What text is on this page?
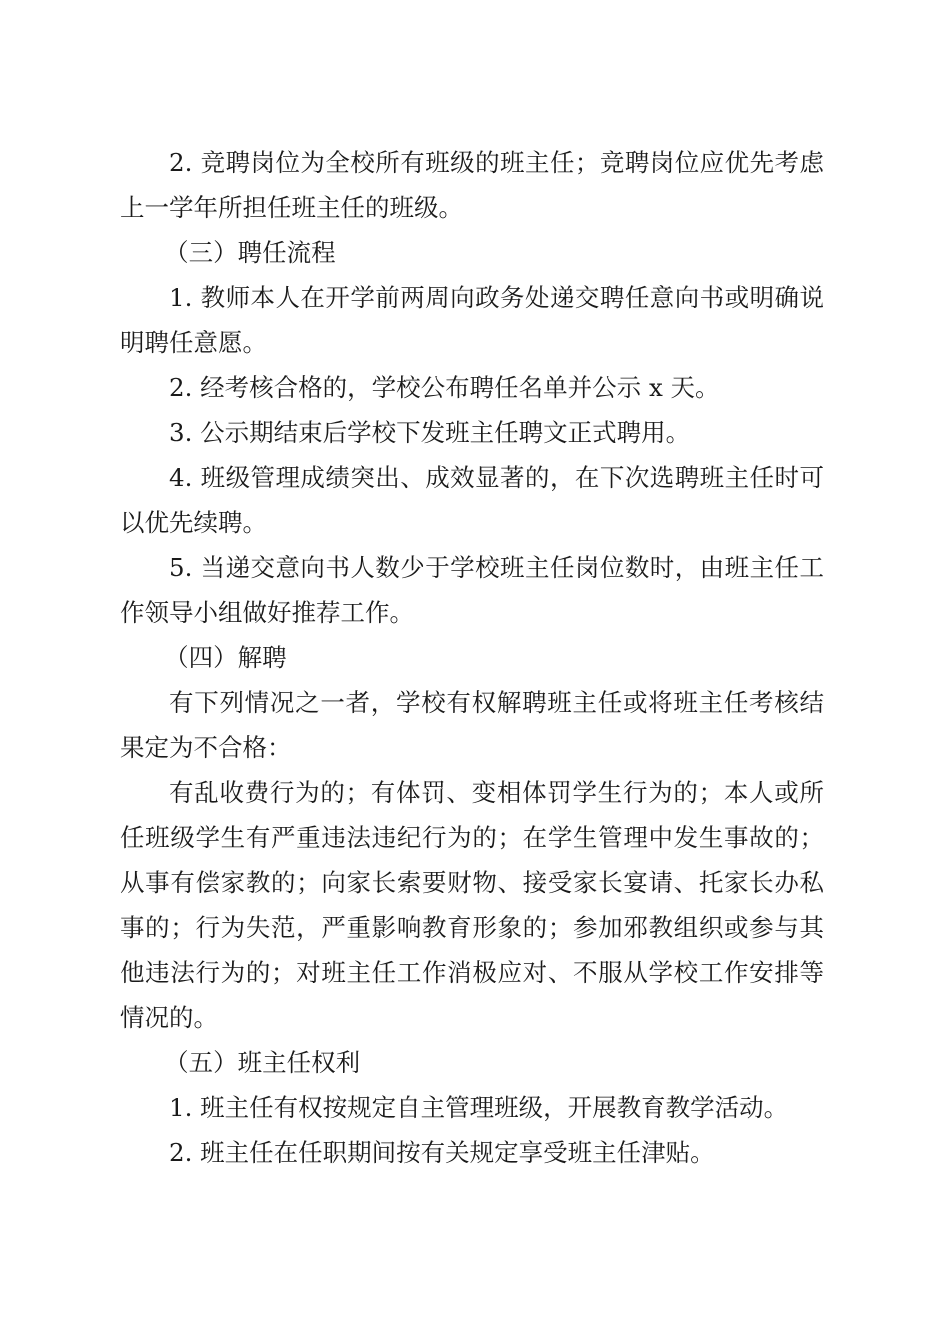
2. 竞聘岗位为全校所有班级的班主任；竞聘岗位应优先考虑上一学年所担任班主任的班级。

（三）聘任流程

1. 教师本人在开学前两周向政务处递交聘任意向书或明确说明聘任意愿。

2. 经考核合格的，学校公布聘任名单并公示 x 天。

3. 公示期结束后学校下发班主任聘文正式聘用。

4. 班级管理成绩突出、成效显著的，在下次选聘班主任时可以优先续聘。

5. 当递交意向书人数少于学校班主任岗位数时，由班主任工作领导小组做好推荐工作。

（四）解聘

有下列情况之一者，学校有权解聘班主任或将班主任考核结果定为不合格：

有乱收费行为的；有体罚、变相体罚学生行为的；本人或所任班级学生有严重违法违纪行为的；在学生管理中发生事故的；从事有偿家教的；向家长索要财物、接受家长宴请、托家长办私事的；行为失范，严重影响教育形象的；参加邪教组织或参与其他违法行为的；对班主任工作消极应对、不服从学校工作安排等情况的。

（五）班主任权利

1. 班主任有权按规定自主管理班级，开展教育教学活动。

2. 班主任在任职期间按有关规定享受班主任津贴。
